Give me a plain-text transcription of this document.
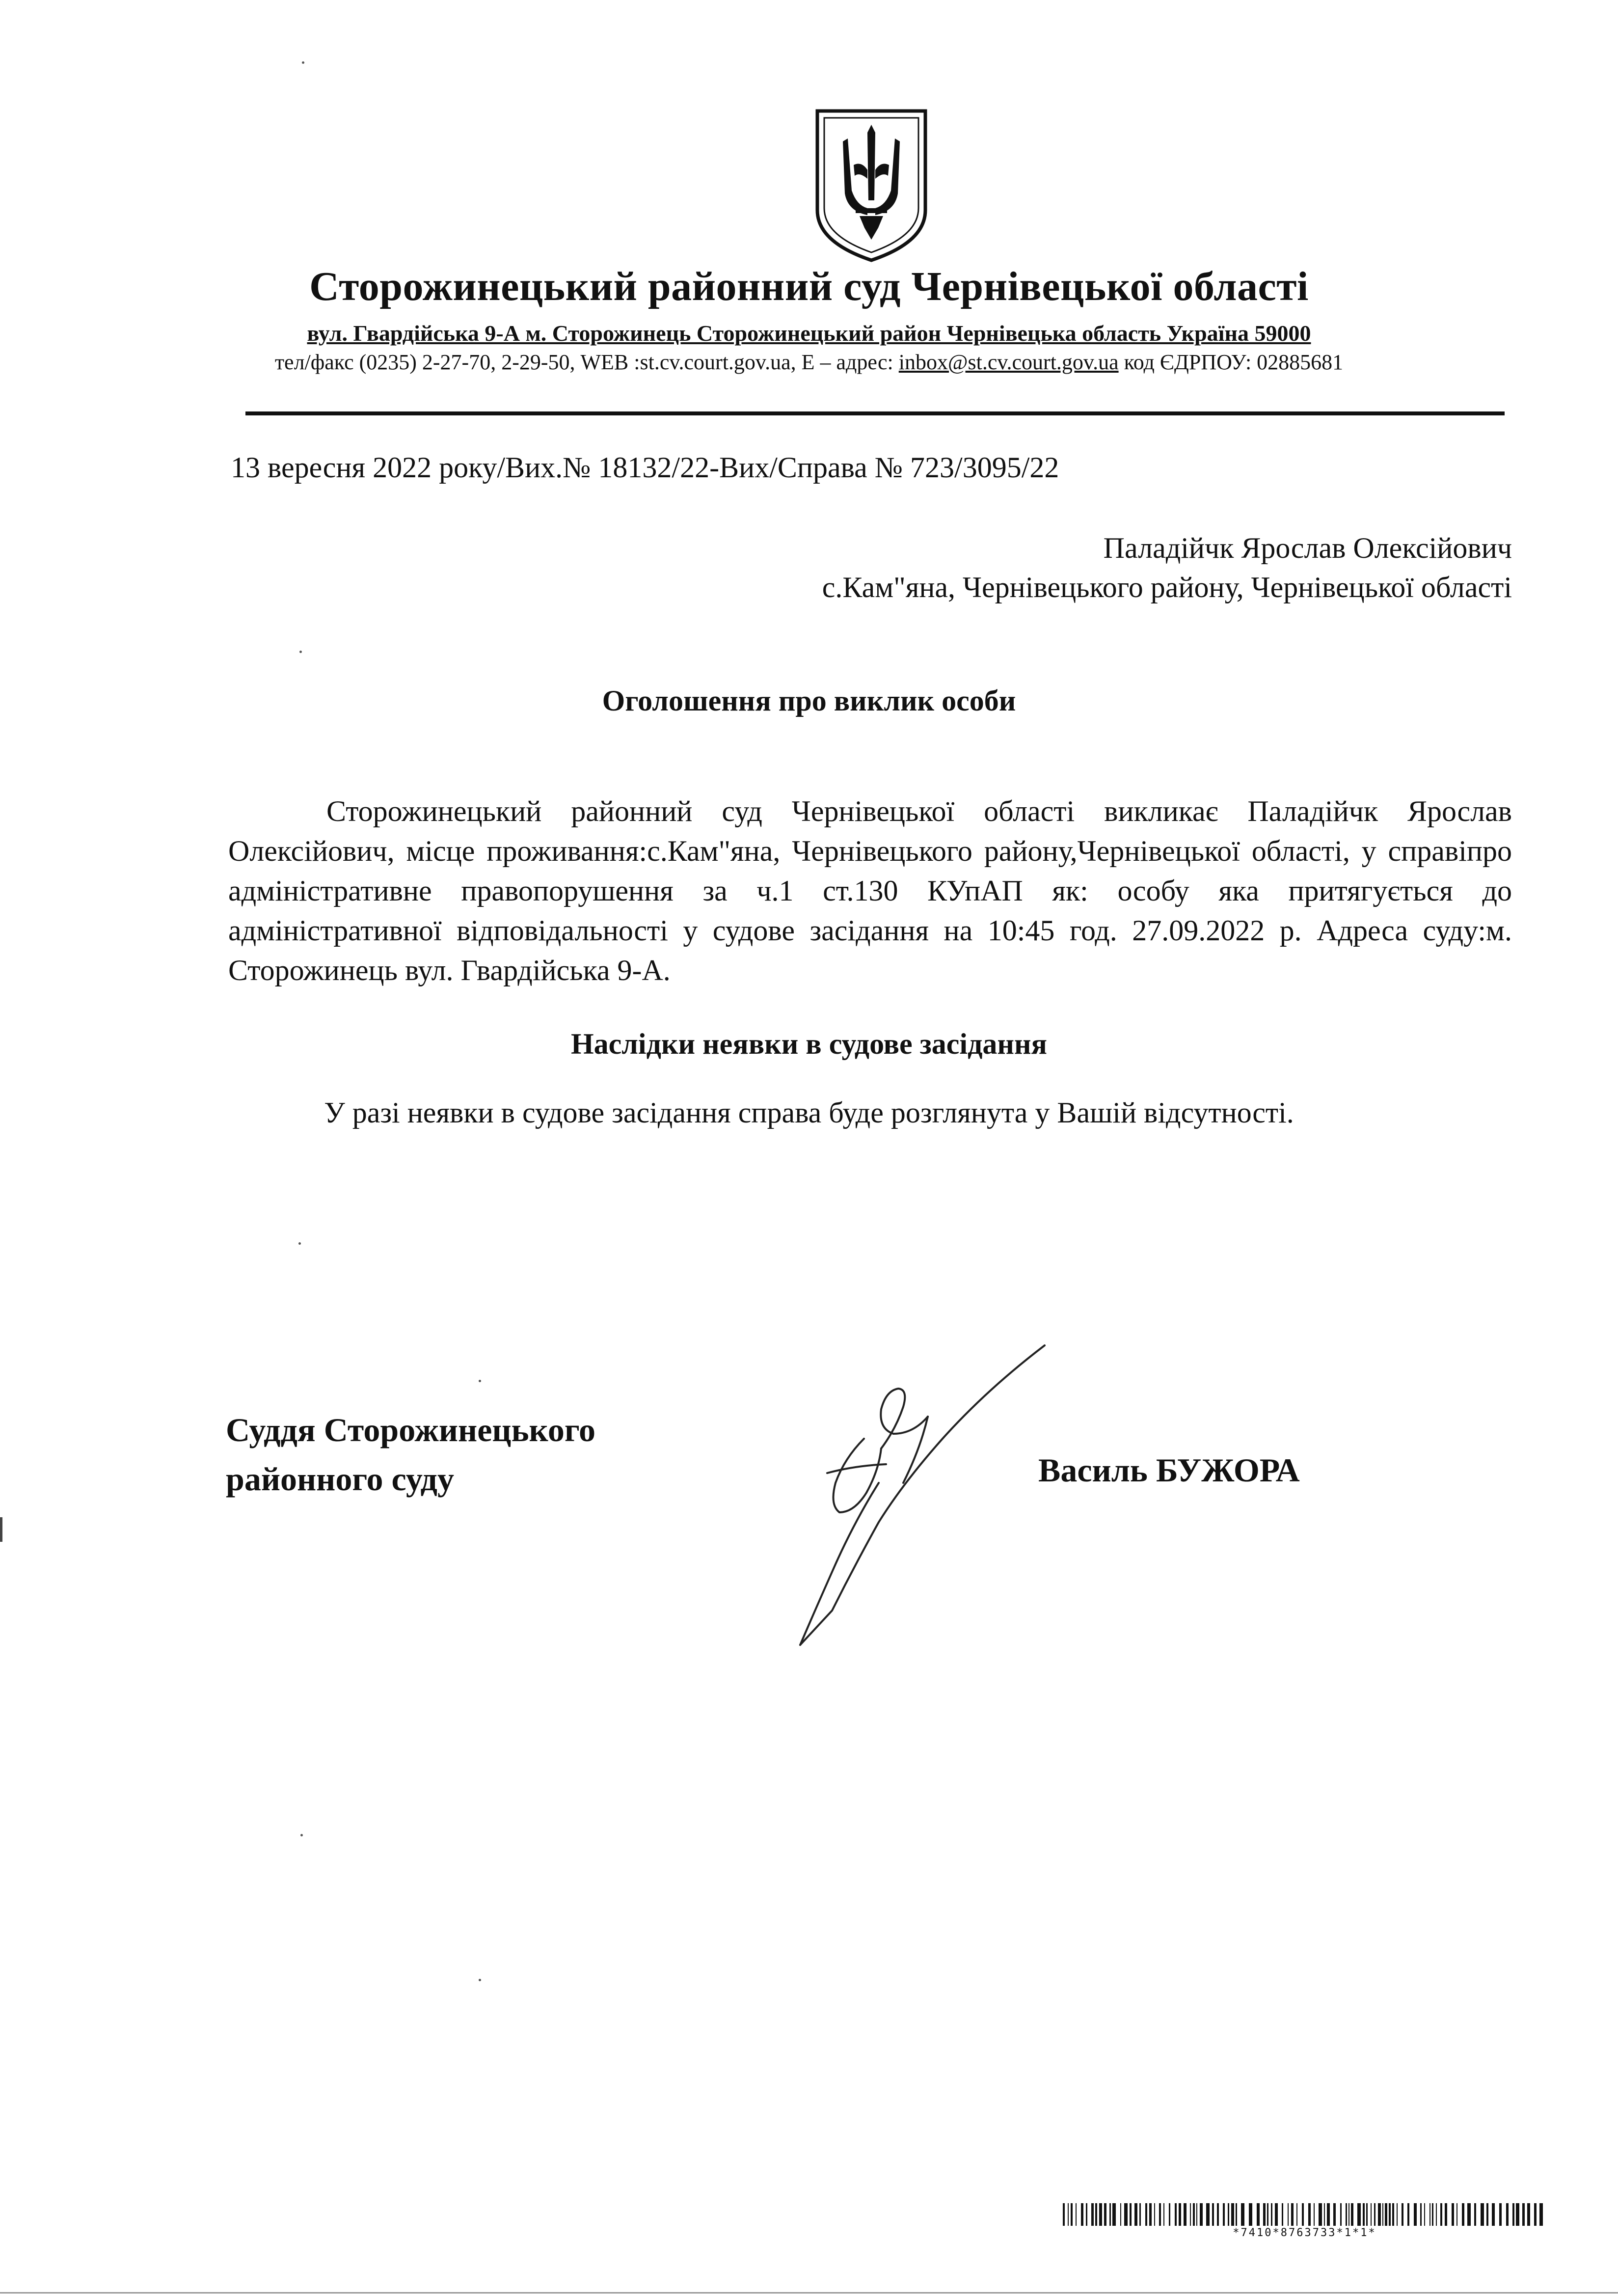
Сторожинецький районний суд Чернівецької області
вул. Гвардійська 9-А м. Сторожинець Сторожинецький район Чернівецька область Україна 59000
тел/факс (0235) 2-27-70, 2-29-50, WEB :st.cv.court.gov.ua, Е – адрес: inbox@st.cv.court.gov.ua код ЄДРПОУ: 02885681
13 вересня 2022 року/Вих.№ 18132/22-Вих/Справа № 723/3095/22
Паладійчк Ярослав Олексійович
с.Кам"яна, Чернівецького району, Чернівецької області
Оголошення про виклик особи
Сторожинецький районний суд Чернівецької області викликає Паладійчк Ярослав Олексійович, місце проживання:с.Кам"яна, Чернівецького району,Чернівецької області, у справіпро адміністративне правопорушення за ч.1 ст.130 КУпАП як: особу яка притягується до адміністративної відповідальності у судове засідання на 10:45 год. 27.09.2022 р. Адреса суду:м. Сторожинець вул. Гвардійська 9-А.
Наслідки неявки в судове засідання
У разі неявки в судове засідання справа буде розглянута у Вашій відсутності.
Суддя Сторожинецького
районного суду	Василь БУЖОРА
*7410*8763733*1*1*
